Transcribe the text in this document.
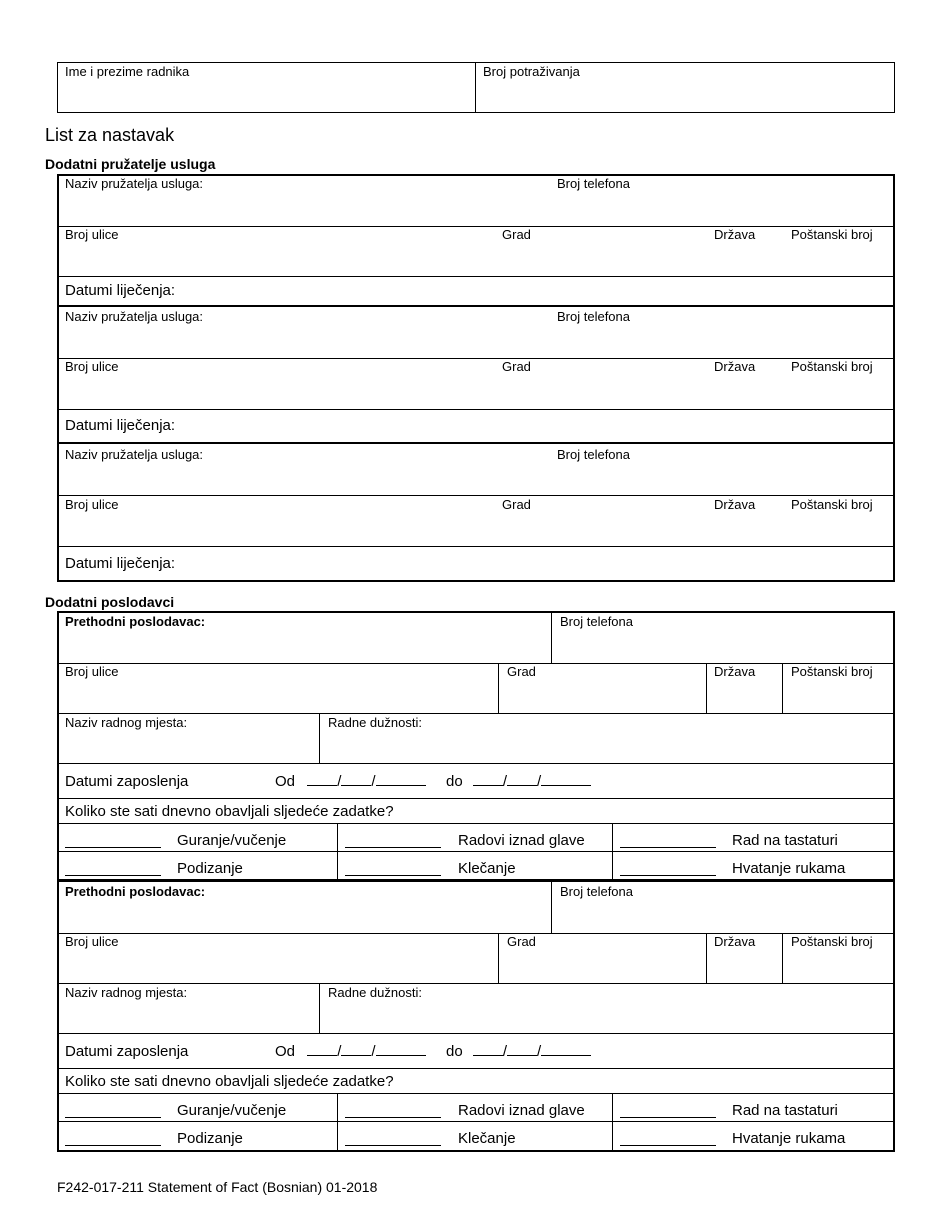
Ime i prezime radnika	Broj potraživanja
List za nastavak
Dodatni pružatelje usluga
Naziv pružatelja usluga:	Broj telefona
Broj ulice	Grad	Država	Poštanski broj
Datumi liječenja:
Naziv pružatelja usluga:	Broj telefona
Broj ulice	Grad	Država	Poštanski broj
Datumi liječenja:
Naziv pružatelja usluga:	Broj telefona
Broj ulice	Grad	Država	Poštanski broj
Datumi liječenja:
Dodatni poslodavci
Prethodni poslodavac:	Broj telefona
Broj ulice	Grad	Država	Poštanski broj
Naziv radnog mjesta:	Radne dužnosti:
Datumi zaposlenja	Od	/ /	do	/ /
Koliko ste sati dnevno obavljali sljedeće zadatke?
Guranje/vučenje	Radovi iznad glave	Rad na tastaturi
Podizanje	Klečanje	Hvatanje rukama
Prethodni poslodavac:	Broj telefona
Broj ulice	Grad	Država	Poštanski broj
Naziv radnog mjesta:	Radne dužnosti:
Datumi zaposlenja	Od	/ /	do	/ /
Koliko ste sati dnevno obavljali sljedeće zadatke?
Guranje/vučenje	Radovi iznad glave	Rad na tastaturi
Podizanje	Klečanje	Hvatanje rukama
F242-017-211 Statement of Fact (Bosnian) 01-2018
